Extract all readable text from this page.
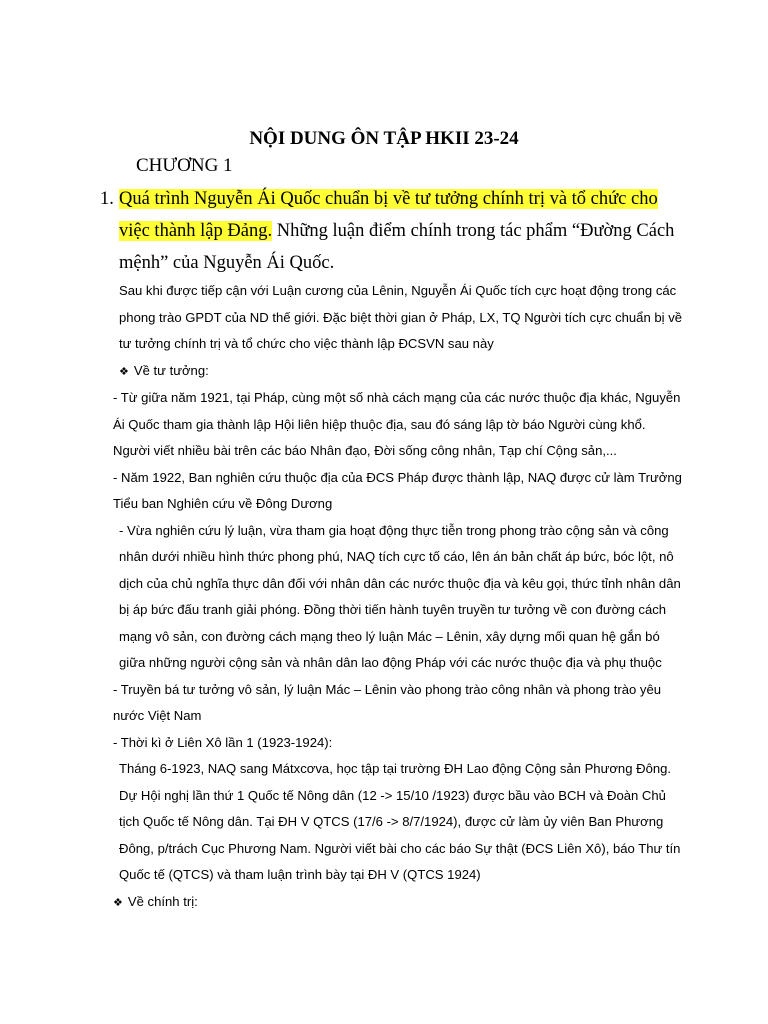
NỘI DUNG ÔN TẬP HKII 23-24
CHƯƠNG 1
1. Quá trình Nguyễn Ái Quốc chuẩn bị về tư tưởng chính trị và tổ chức cho việc thành lập Đảng. Những luận điểm chính trong tác phẩm “Đường Cách mệnh” của Nguyễn Ái Quốc.

Sau khi được tiếp cận với Luận cương của Lênin, Nguyễn Ái Quốc tích cực hoạt động trong các phong trào GPDT của ND thế giới. Đặc biệt thời gian ở Pháp, LX, TQ Người tích cực chuẩn bị về tư tưởng chính trị và tổ chức cho việc thành lập ĐCSVN sau này

❖ Về tư tưởng:

- Từ giữa năm 1921, tại Pháp, cùng một số nhà cách mạng của các nước thuộc địa khác, Nguyễn Ái Quốc tham gia thành lập Hội liên hiệp thuộc địa, sau đó sáng lập tờ báo Người cùng khổ. Người viết nhiều bài trên các báo Nhân đạo, Đời sống công nhân, Tạp chí Cộng sản,...

- Năm 1922, Ban nghiên cứu thuộc địa của ĐCS Pháp được thành lập, NAQ được cử làm Trưởng Tiểu ban Nghiên cứu về Đông Dương

- Vừa nghiên cứu lý luận, vừa tham gia hoạt động thực tiễn trong phong trào cộng sản và công nhân dưới nhiều hình thức phong phú, NAQ tích cực tố cáo, lên án bản chất áp bức, bóc lột, nô dịch của chủ nghĩa thực dân đối với nhân dân các nước thuộc địa và kêu gọi, thức tỉnh nhân dân bị áp bức đấu tranh giải phóng. Đồng thời tiến hành tuyên truyền tư tưởng về con đường cách mạng vô sản, con đường cách mạng theo lý luận Mác – Lênin, xây dựng mối quan hệ gắn bó giữa những người cộng sản và nhân dân lao động Pháp với các nước thuộc địa và phụ thuộc

- Truyền bá tư tưởng vô sản, lý luận Mác – Lênin vào phong trào công nhân và phong trào yêu nước Việt Nam

- Thời kì ở Liên Xô lần 1 (1923-1924):

Tháng 6-1923, NAQ sang Mátxcơva, học tập tại trường ĐH Lao động Cộng sản Phương Đông. Dự Hội nghị lần thứ 1 Quốc tế Nông dân (12 -> 15/10 /1923) được bầu vào BCH và Đoàn Chủ tịch Quốc tế Nông dân. Tại ĐH V QTCS (17/6 -> 8/7/1924), được cử làm ủy viên Ban Phương Đông, p/trách Cục Phương Nam. Người viết bài cho các báo Sự thật (ĐCS Liên Xô), báo Thư tín Quốc tế (QTCS) và tham luận trình bày tại ĐH V (QTCS 1924)

❖ Về chính trị:
